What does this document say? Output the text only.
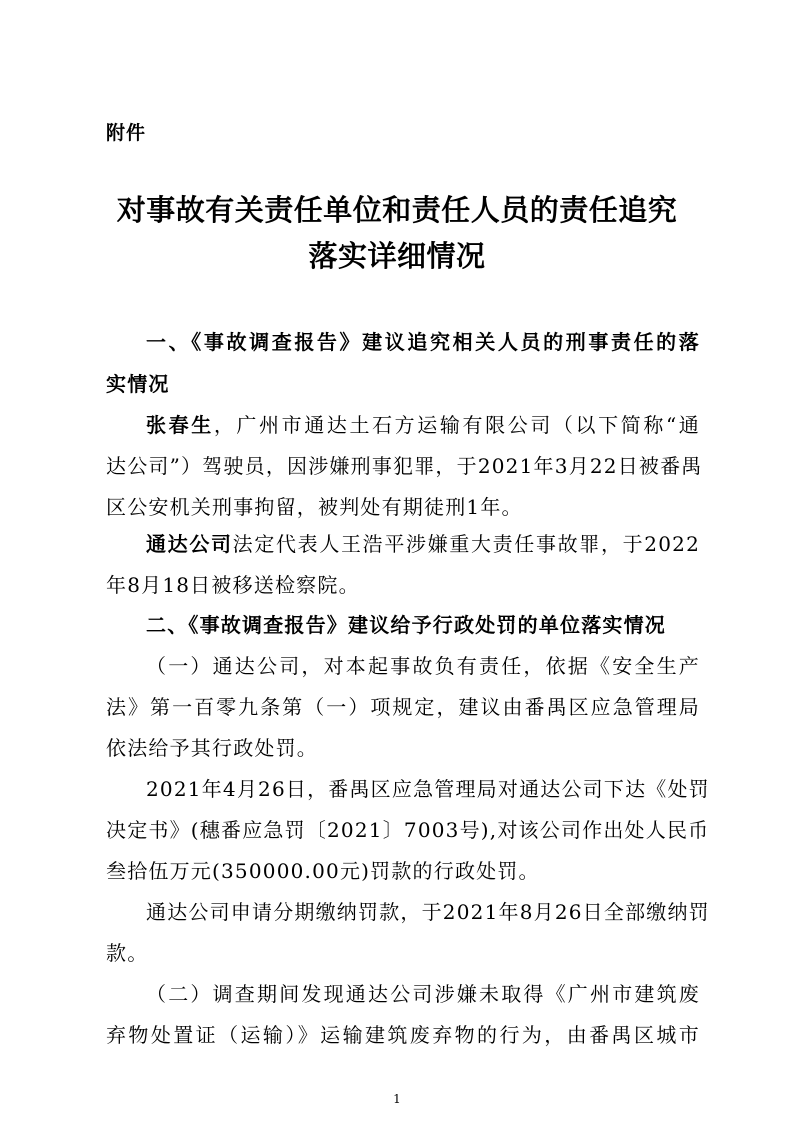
附件
对事故有关责任单位和责任人员的责任追究
落实详细情况
一、《事故调查报告》建议追究相关人员的刑事责任的落
实情况
张春生，广州市通达土石方运输有限公司（以下简称“通
达公司”）驾驶员，因涉嫌刑事犯罪，于2021年3月22日被番禺
区公安机关刑事拘留，被判处有期徒刑1年。
通达公司法定代表人王浩平涉嫌重大责任事故罪，于2022
年8月18日被移送检察院。
二、《事故调查报告》建议给予行政处罚的单位落实情况
（一）通达公司，对本起事故负有责任，依据《安全生产
法》第一百零九条第（一）项规定，建议由番禺区应急管理局
依法给予其行政处罚。
2021年4月26日，番禺区应急管理局对通达公司下达《处罚
决定书》(穗番应急罚〔2021〕7003号),对该公司作出处人民币
叁拾伍万元(350000.00元)罚款的行政处罚。
通达公司申请分期缴纳罚款，于2021年8月26日全部缴纳罚
款。
（二）调查期间发现通达公司涉嫌未取得《广州市建筑废
弃物处置证（运输）》运输建筑废弃物的行为，由番禺区城市
1
